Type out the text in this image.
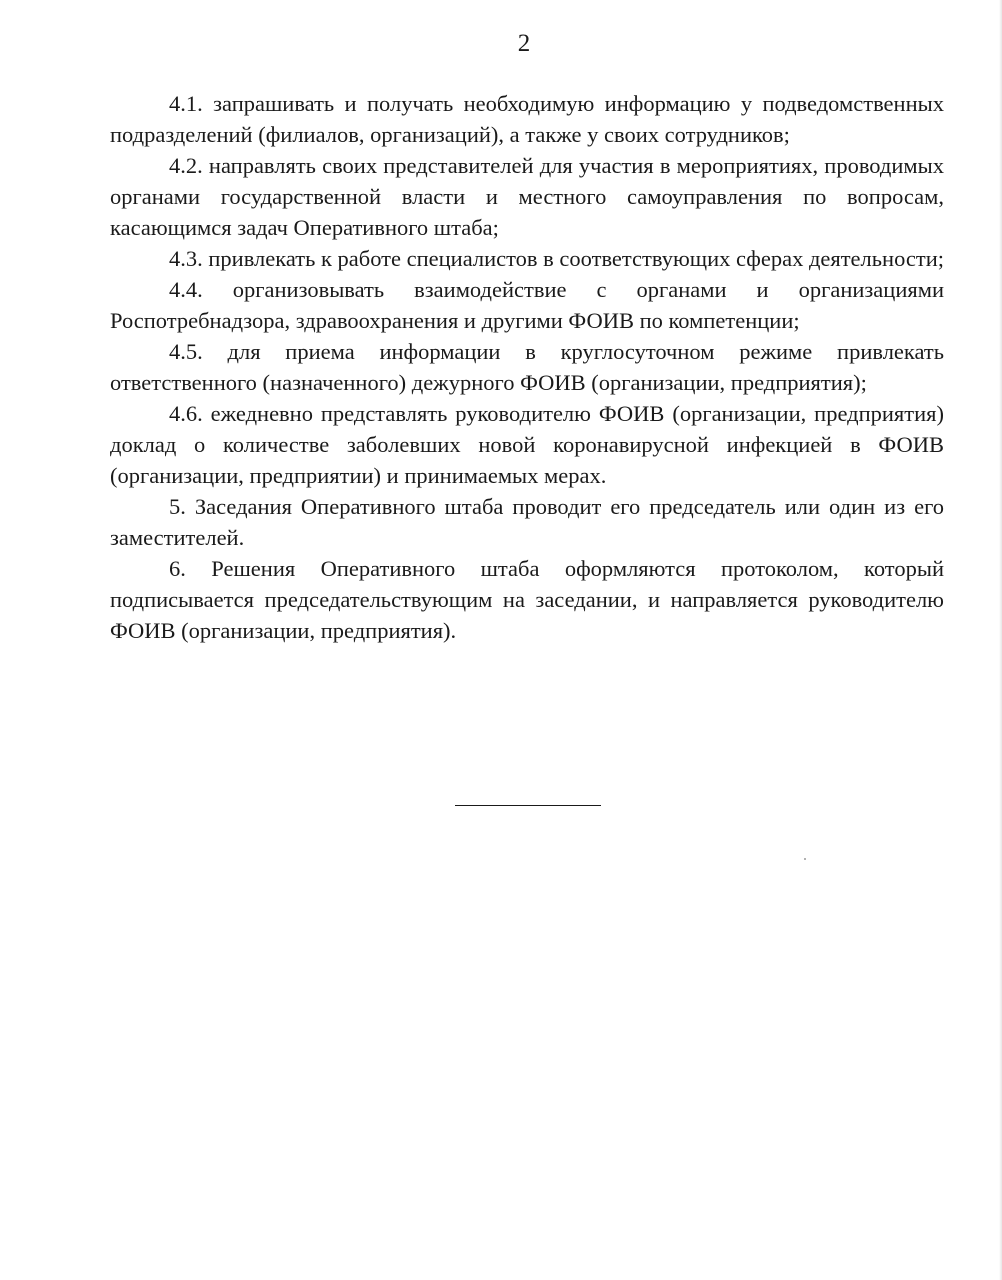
2

4.1. запрашивать и получать необходимую информацию у подведомственных подразделений (филиалов, организаций), а также у своих сотрудников;

4.2. направлять своих представителей для участия в мероприятиях, проводимых органами государственной власти и местного самоуправления по вопросам, касающимся задач Оперативного штаба;

4.3. привлекать к работе специалистов в соответствующих сферах деятельности;

4.4. организовывать взаимодействие с органами и организациями Роспотребнадзора, здравоохранения и другими ФОИВ по компетенции;

4.5. для приема информации в круглосуточном режиме привлекать ответственного (назначенного) дежурного ФОИВ (организации, предприятия);

4.6. ежедневно представлять руководителю ФОИВ (организации, предприятия) доклад о количестве заболевших новой коронавирусной инфекцией в ФОИВ (организации, предприятии) и принимаемых мерах.

5. Заседания Оперативного штаба проводит его председатель или один из его заместителей.

6. Решения Оперативного штаба оформляются протоколом, который подписывается председательствующим на заседании, и направляется руководителю ФОИВ (организации, предприятия).
